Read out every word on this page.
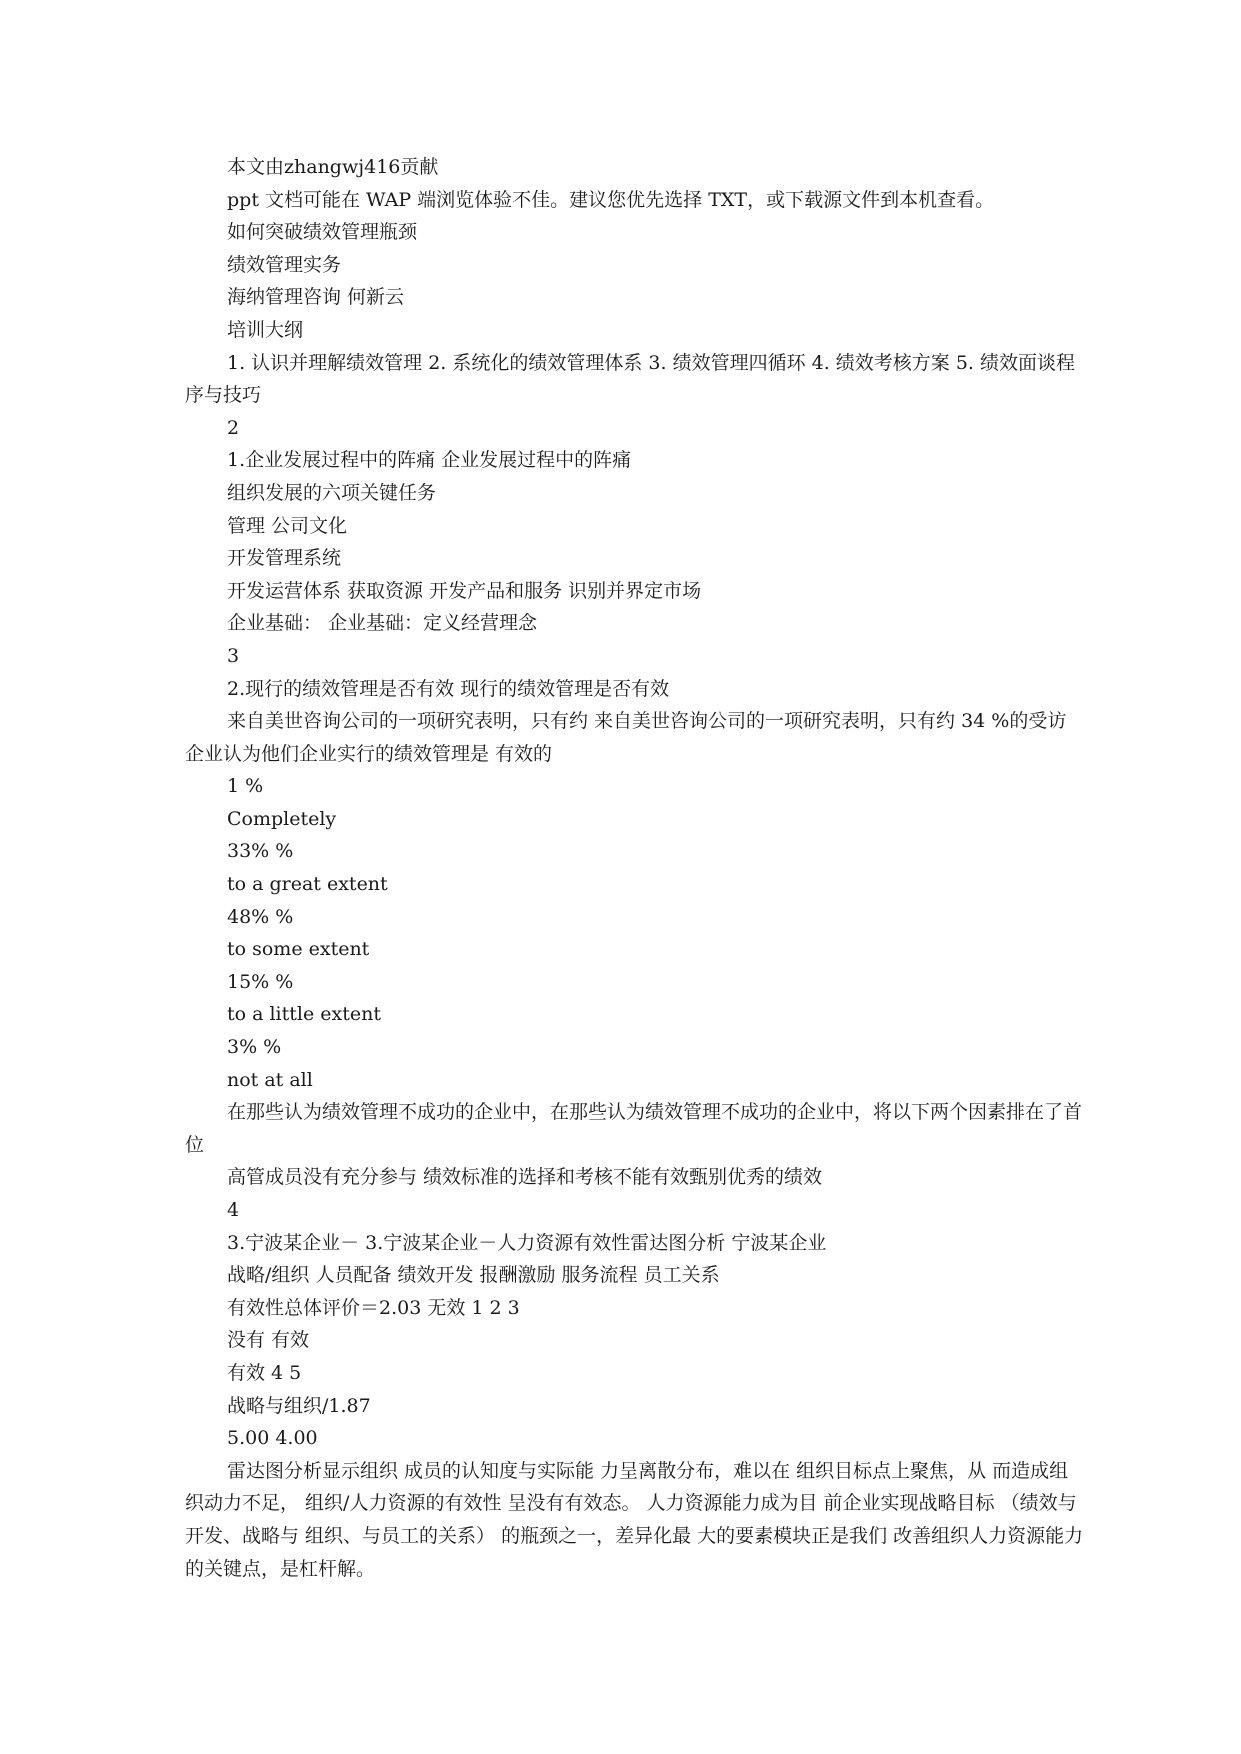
本文由zhangwj416贡献

ppt 文档可能在 WAP 端浏览体验不佳。建议您优先选择 TXT，或下载源文件到本机查看。

如何突破绩效管理瓶颈

绩效管理实务

海纳管理咨询 何新云

培训大纲

1. 认识并理解绩效管理 2. 系统化的绩效管理体系 3. 绩效管理四循环 4. 绩效考核方案 5. 绩效面谈程序与技巧

2

1.企业发展过程中的阵痛 企业发展过程中的阵痛

组织发展的六项关键任务

管理 公司文化

开发管理系统

开发运营体系 获取资源 开发产品和服务 识别并界定市场

企业基础： 企业基础：定义经营理念

3

2.现行的绩效管理是否有效 现行的绩效管理是否有效

来自美世咨询公司的一项研究表明，只有约 来自美世咨询公司的一项研究表明，只有约 34 %的受访企业认为他们企业实行的绩效管理是 有效的

1 %

Completely

33% %

to a great extent

48% %

to some extent

15% %

to a little extent

3% %

not at all

在那些认为绩效管理不成功的企业中，在那些认为绩效管理不成功的企业中，将以下两个因素排在了首位

高管成员没有充分参与 绩效标准的选择和考核不能有效甄别优秀的绩效

4

3.宁波某企业－ 3.宁波某企业－人力资源有效性雷达图分析 宁波某企业

战略/组织 人员配备 绩效开发 报酬激励 服务流程 员工关系

有效性总体评价＝2.03 无效 1 2 3

没有 有效

有效 4 5

战略与组织/1.87

5.00 4.00

雷达图分析显示组织 成员的认知度与实际能 力呈离散分布，难以在 组织目标点上聚焦，从 而造成组织动力不足， 组织/人力资源的有效性 呈没有有效态。 人力资源能力成为目 前企业实现战略目标 （绩效与开发、战略与 组织、与员工的关系） 的瓶颈之一，差异化最 大的要素模块正是我们 改善组织人力资源能力 的关键点，是杠杆解。
